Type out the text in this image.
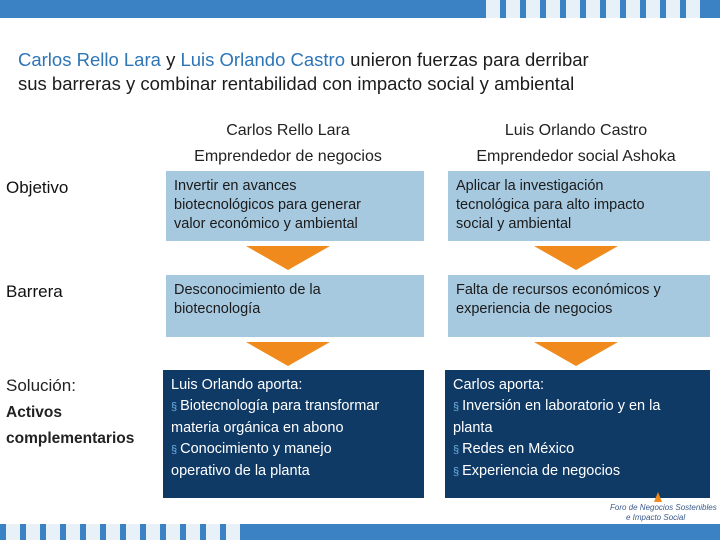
Carlos Rello Lara y Luis Orlando Castro unieron fuerzas para derribar
sus barreras y combinar rentabilidad con impacto social y ambiental
Carlos Rello Lara
Emprendedor de negocios
Luis Orlando Castro
Emprendedor social Ashoka
Objetivo	Invertir en avances
biotecnológicos para generar
valor económico y ambiental
Aplicar la investigación
tecnológica para alto impacto
social y ambiental
Barrera	Desconocimiento de la
biotecnología
Falta de recursos económicos y
experiencia de negocios
Solución:
Activos
complementarios
Luis Orlando aporta:
§ Biotecnología para transformar
materia orgánica en abono
§ Conocimiento y manejo
operativo de la planta
Carlos aporta:
§ Inversión en laboratorio y en la
planta
§ Redes en México
§ Experiencia de negocios
Foro de Negocios Sostenibles
e Impacto Social
